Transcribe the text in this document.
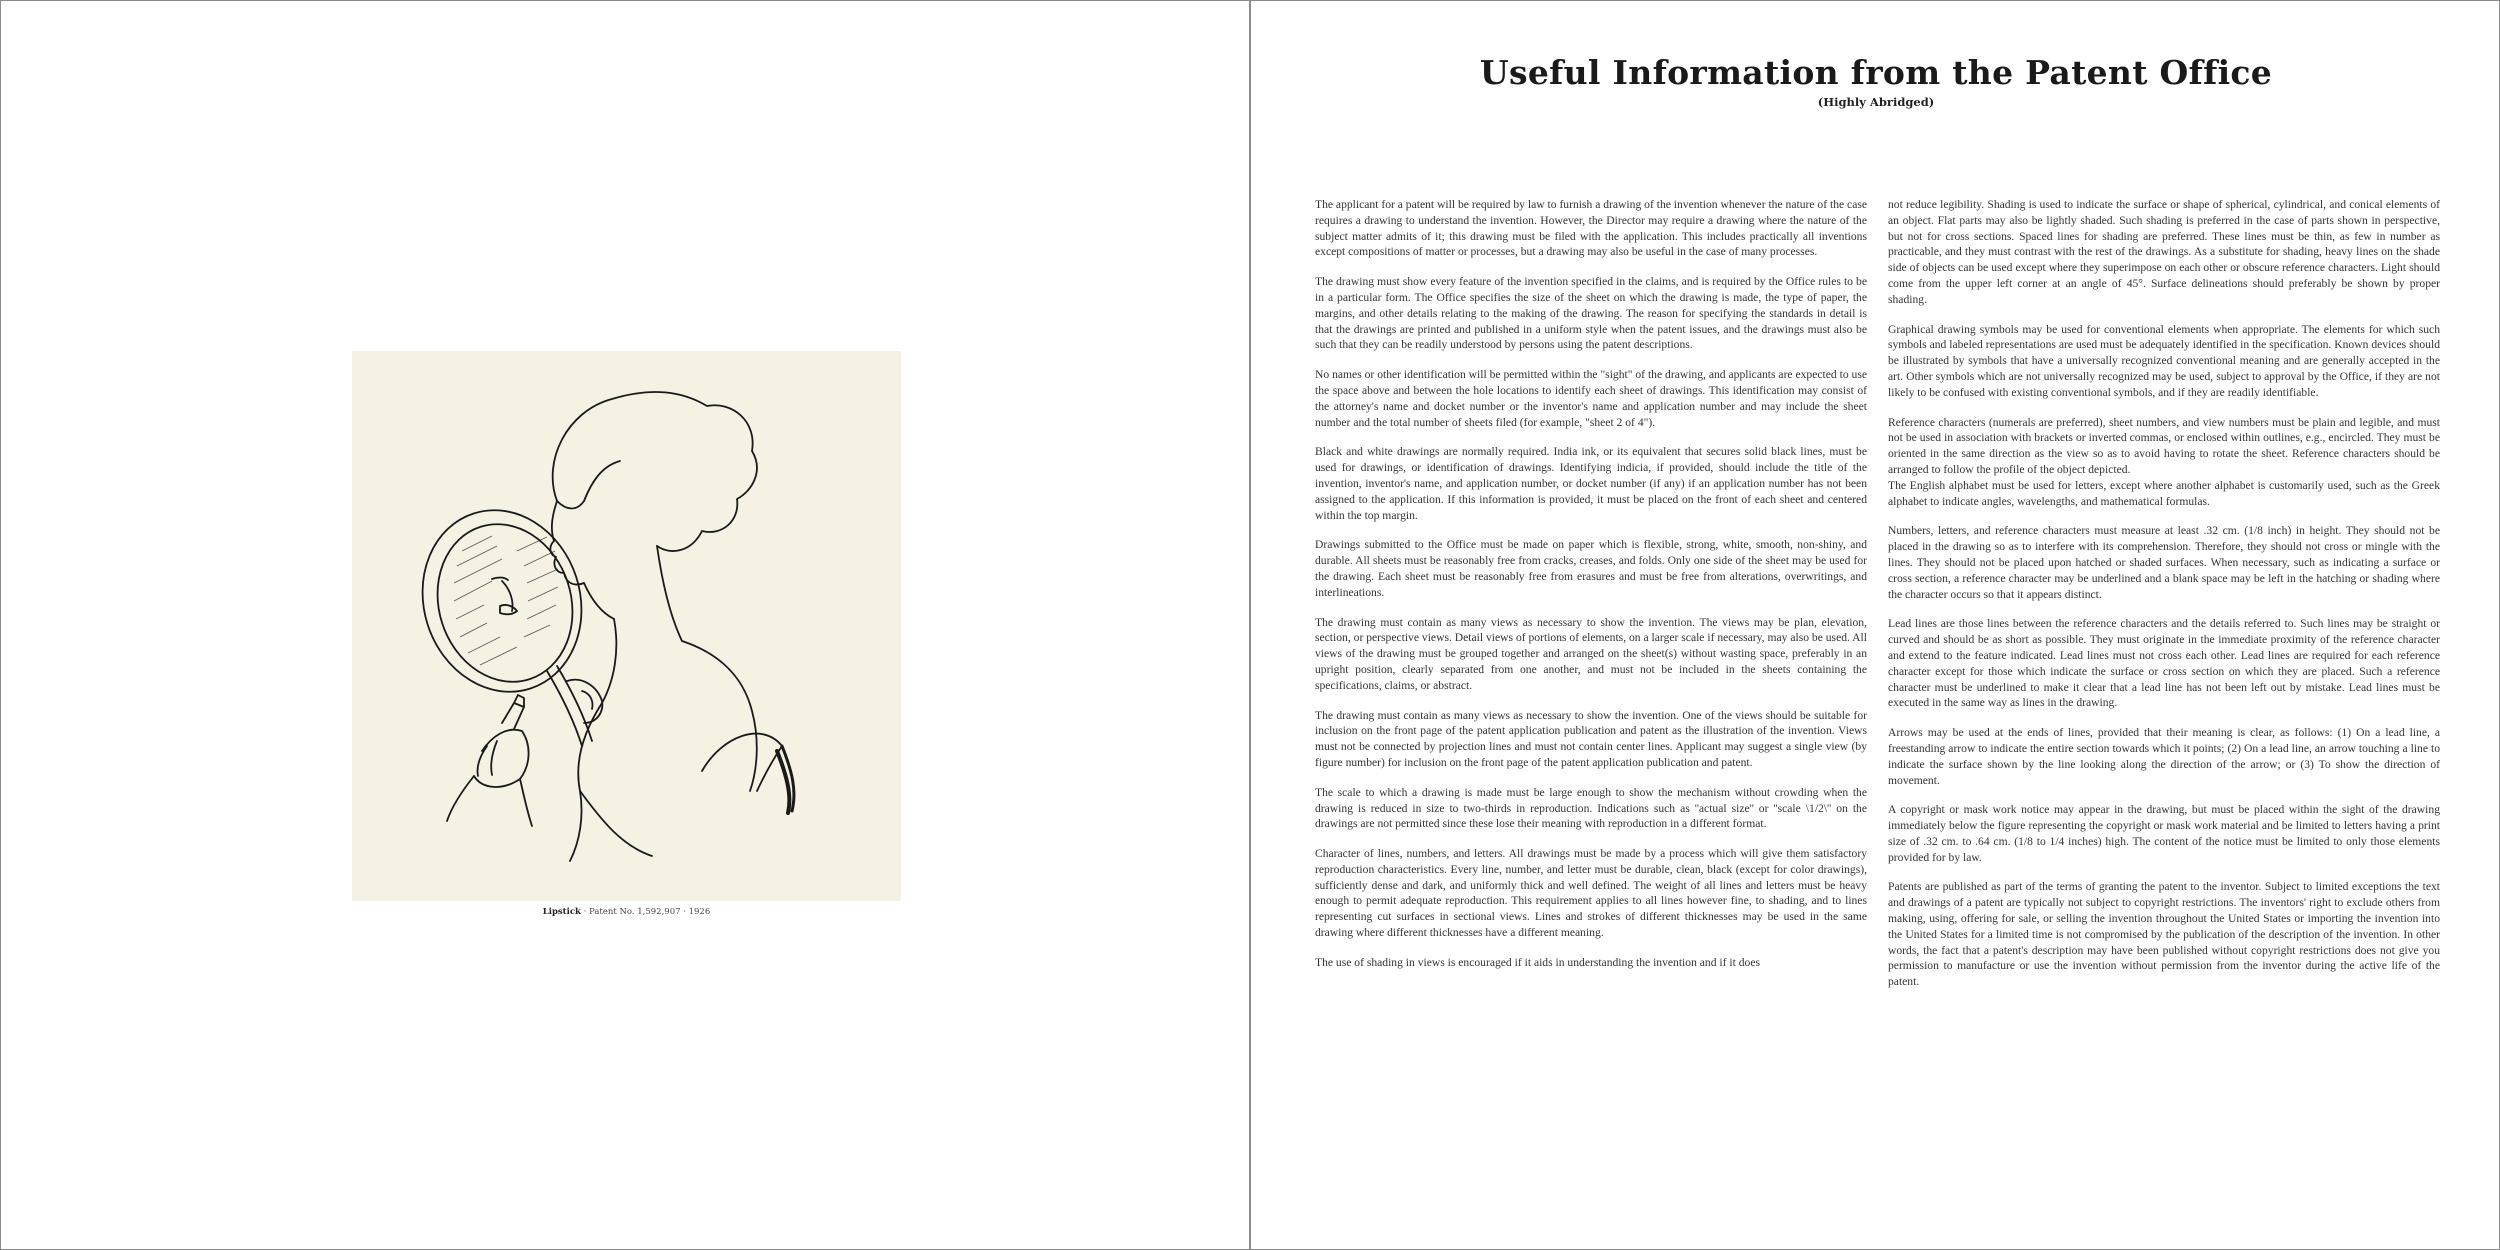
Lipstick · Patent No. 1,592,907 · 1926
Useful Information from the Patent Office
(Highly Abridged)

The applicant for a patent will be required by law to furnish a drawing of the invention whenever the nature of the case requires a drawing to understand the invention. However, the Director may require a drawing where the nature of the subject matter admits of it; this drawing must be filed with the application. This includes practically all inventions except compositions of matter or processes, but a drawing may also be useful in the case of many processes.

The drawing must show every feature of the invention specified in the claims, and is required by the Office rules to be in a particular form. The Office specifies the size of the sheet on which the drawing is made, the type of paper, the margins, and other details relating to the making of the drawing. The reason for specifying the standards in detail is that the drawings are printed and published in a uniform style when the patent issues, and the drawings must also be such that they can be readily understood by persons using the patent descriptions.

No names or other identification will be permitted within the "sight" of the drawing, and applicants are expected to use the space above and between the hole locations to identify each sheet of drawings. This identification may consist of the attorney's name and docket number or the inventor's name and application number and may include the sheet number and the total number of sheets filed (for example, "sheet 2 of 4").

Black and white drawings are normally required. India ink, or its equivalent that secures solid black lines, must be used for drawings, or identification of drawings. Identifying indicia, if provided, should include the title of the invention, inventor's name, and application number, or docket number (if any) if an application number has not been assigned to the application. If this information is provided, it must be placed on the front of each sheet and centered within the top margin.

Drawings submitted to the Office must be made on paper which is flexible, strong, white, smooth, non-shiny, and durable. All sheets must be reasonably free from cracks, creases, and folds. Only one side of the sheet may be used for the drawing. Each sheet must be reasonably free from erasures and must be free from alterations, overwritings, and interlineations.

The drawing must contain as many views as necessary to show the invention. The views may be plan, elevation, section, or perspective views. Detail views of portions of elements, on a larger scale if necessary, may also be used. All views of the drawing must be grouped together and arranged on the sheet(s) without wasting space, preferably in an upright position, clearly separated from one another, and must not be included in the sheets containing the specifications, claims, or abstract.

The drawing must contain as many views as necessary to show the invention. One of the views should be suitable for inclusion on the front page of the patent application publication and patent as the illustration of the invention. Views must not be connected by projection lines and must not contain center lines. Applicant may suggest a single view (by figure number) for inclusion on the front page of the patent application publication and patent.

The scale to which a drawing is made must be large enough to show the mechanism without crowding when the drawing is reduced in size to two-thirds in reproduction. Indications such as ''actual size'' or ''scale \1/2\'' on the drawings are not permitted since these lose their meaning with reproduction in a different format.

Character of lines, numbers, and letters. All drawings must be made by a process which will give them satisfactory reproduction characteristics. Every line, number, and letter must be durable, clean, black (except for color drawings), sufficiently dense and dark, and uniformly thick and well defined. The weight of all lines and letters must be heavy enough to permit adequate reproduction. This requirement applies to all lines however fine, to shading, and to lines representing cut surfaces in sectional views. Lines and strokes of different thicknesses may be used in the same drawing where different thicknesses have a different meaning.

The use of shading in views is encouraged if it aids in understanding the invention and if it does

not reduce legibility. Shading is used to indicate the surface or shape of spherical, cylindrical, and conical elements of an object. Flat parts may also be lightly shaded. Such shading is preferred in the case of parts shown in perspective, but not for cross sections. Spaced lines for shading are preferred. These lines must be thin, as few in number as practicable, and they must contrast with the rest of the drawings. As a substitute for shading, heavy lines on the shade side of objects can be used except where they superimpose on each other or obscure reference characters. Light should come from the upper left corner at an angle of 45°. Surface delineations should preferably be shown by proper shading.

Graphical drawing symbols may be used for conventional elements when appropriate. The elements for which such symbols and labeled representations are used must be adequately identified in the specification. Known devices should be illustrated by symbols that have a universally recognized conventional meaning and are generally accepted in the art. Other symbols which are not universally recognized may be used, subject to approval by the Office, if they are not likely to be confused with existing conventional symbols, and if they are readily identifiable.

Reference characters (numerals are preferred), sheet numbers, and view numbers must be plain and legible, and must not be used in association with brackets or inverted commas, or enclosed within outlines, e.g., encircled. They must be oriented in the same direction as the view so as to avoid having to rotate the sheet. Reference characters should be arranged to follow the profile of the object depicted.

The English alphabet must be used for letters, except where another alphabet is customarily used, such as the Greek alphabet to indicate angles, wavelengths, and mathematical formulas.

Numbers, letters, and reference characters must measure at least .32 cm. (1/8 inch) in height. They should not be placed in the drawing so as to interfere with its comprehension. Therefore, they should not cross or mingle with the lines. They should not be placed upon hatched or shaded surfaces. When necessary, such as indicating a surface or cross section, a reference character may be underlined and a blank space may be left in the hatching or shading where the character occurs so that it appears distinct.

Lead lines are those lines between the reference characters and the details referred to. Such lines may be straight or curved and should be as short as possible. They must originate in the immediate proximity of the reference character and extend to the feature indicated. Lead lines must not cross each other. Lead lines are required for each reference character except for those which indicate the surface or cross section on which they are placed. Such a reference character must be underlined to make it clear that a lead line has not been left out by mistake. Lead lines must be executed in the same way as lines in the drawing.

Arrows may be used at the ends of lines, provided that their meaning is clear, as follows: (1) On a lead line, a freestanding arrow to indicate the entire section towards which it points; (2) On a lead line, an arrow touching a line to indicate the surface shown by the line looking along the direction of the arrow; or (3) To show the direction of movement.

A copyright or mask work notice may appear in the drawing, but must be placed within the sight of the drawing immediately below the figure representing the copyright or mask work material and be limited to letters having a print size of .32 cm. to .64 cm. (1/8 to 1/4 inches) high. The content of the notice must be limited to only those elements provided for by law.

Patents are published as part of the terms of granting the patent to the inventor. Subject to limited exceptions the text and drawings of a patent are typically not subject to copyright restrictions. The inventors' right to exclude others from making, using, offering for sale, or selling the invention throughout the United States or importing the invention into the United States for a limited time is not compromised by the publication of the description of the invention. In other words, the fact that a patent's description may have been published without copyright restrictions does not give you permission to manufacture or use the invention without permission from the inventor during the active life of the patent.
